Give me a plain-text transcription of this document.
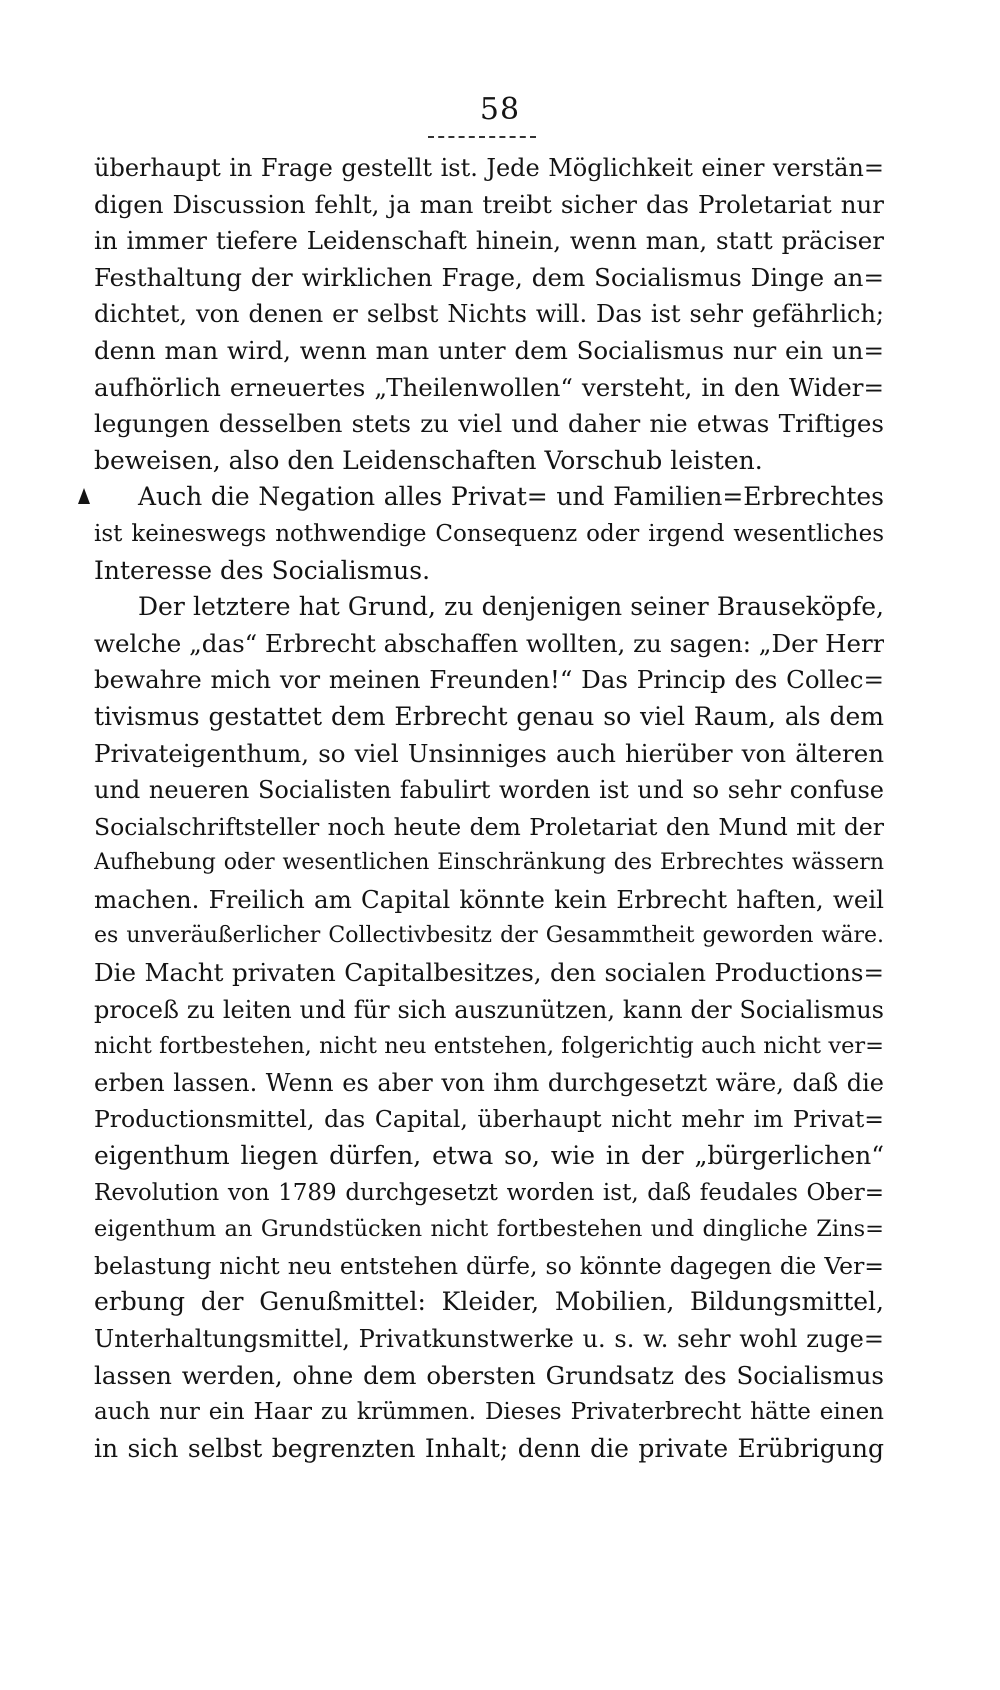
58
überhaupt in Frage gestellt ist. Jede Möglichkeit einer verstän=
digen Discussion fehlt, ja man treibt sicher das Proletariat nur
in immer tiefere Leidenschaft hinein, wenn man, statt präciser
Festhaltung der wirklichen Frage, dem Socialismus Dinge an=
dichtet, von denen er selbst Nichts will. Das ist sehr gefährlich;
denn man wird, wenn man unter dem Socialismus nur ein un=
aufhörlich erneuertes „Theilenwollen“ versteht, in den Wider=
legungen desselben stets zu viel und daher nie etwas Triftiges
beweisen, also den Leidenschaften Vorschub leisten.
Auch die Negation alles Privat= und Familien=Erbrechtes
ist keineswegs nothwendige Consequenz oder irgend wesentliches
Interesse des Socialismus.
Der letztere hat Grund, zu denjenigen seiner Brauseköpfe,
welche „das“ Erbrecht abschaffen wollten, zu sagen: „Der Herr
bewahre mich vor meinen Freunden!“ Das Princip des Collec=
tivismus gestattet dem Erbrecht genau so viel Raum, als dem
Privateigenthum, so viel Unsinniges auch hierüber von älteren
und neueren Socialisten fabulirt worden ist und so sehr confuse
Socialschriftsteller noch heute dem Proletariat den Mund mit der
Aufhebung oder wesentlichen Einschränkung des Erbrechtes wässern
machen. Freilich am Capital könnte kein Erbrecht haften, weil
es unveräußerlicher Collectivbesitz der Gesammtheit geworden wäre.
Die Macht privaten Capitalbesitzes, den socialen Productions=
proceß zu leiten und für sich auszunützen, kann der Socialismus
nicht fortbestehen, nicht neu entstehen, folgerichtig auch nicht ver=
erben lassen. Wenn es aber von ihm durchgesetzt wäre, daß die
Productionsmittel, das Capital, überhaupt nicht mehr im Privat=
eigenthum liegen dürfen, etwa so, wie in der „bürgerlichen“
Revolution von 1789 durchgesetzt worden ist, daß feudales Ober=
eigenthum an Grundstücken nicht fortbestehen und dingliche Zins=
belastung nicht neu entstehen dürfe, so könnte dagegen die Ver=
erbung der Genußmittel: Kleider, Mobilien, Bildungsmittel,
Unterhaltungsmittel, Privatkunstwerke u. s. w. sehr wohl zuge=
lassen werden, ohne dem obersten Grundsatz des Socialismus
auch nur ein Haar zu krümmen. Dieses Privaterbrecht hätte einen
in sich selbst begrenzten Inhalt; denn die private Erübrigung
